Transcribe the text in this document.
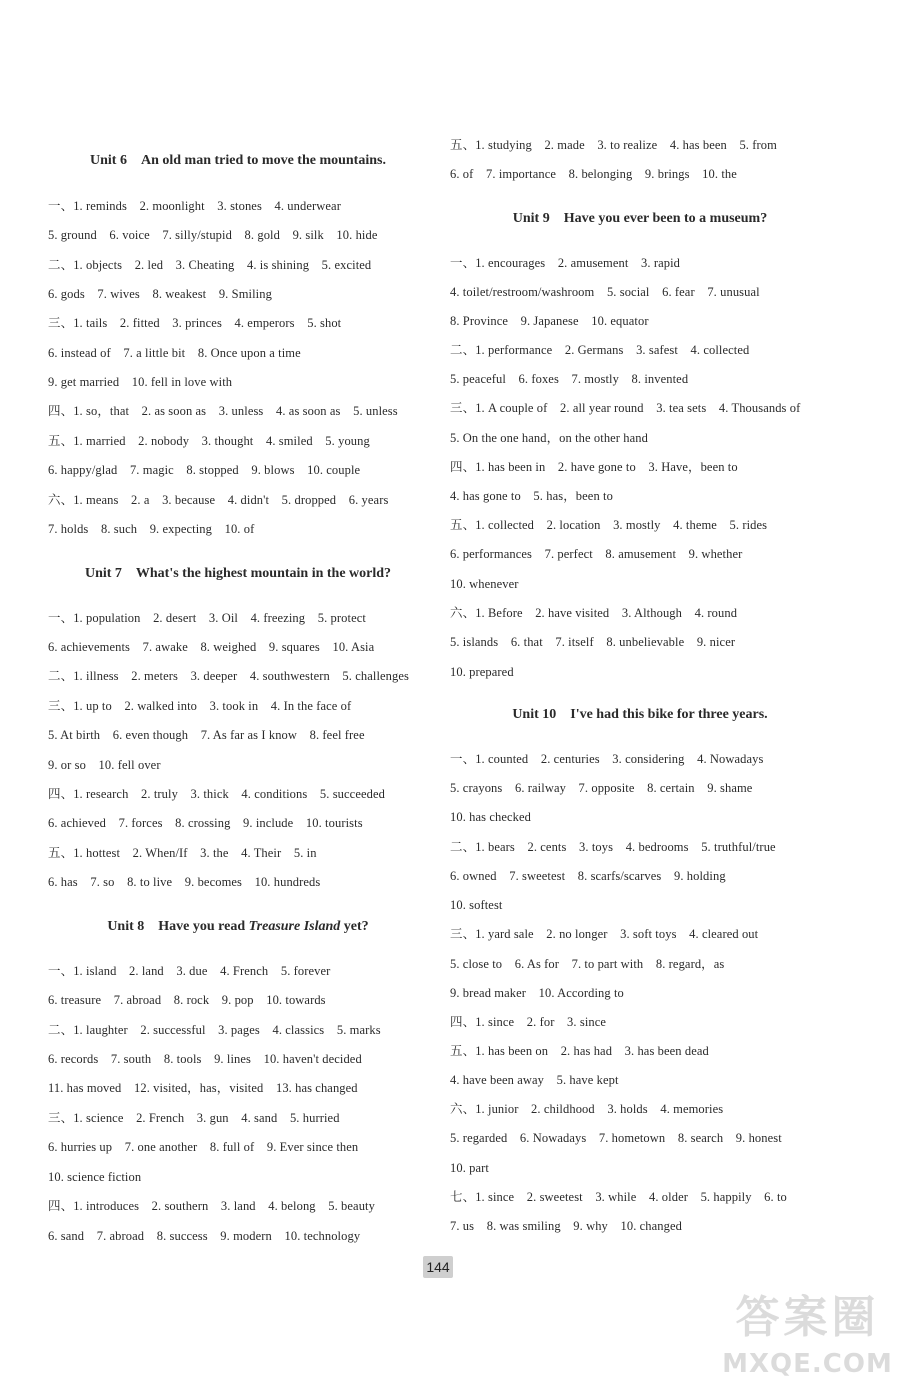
Unit 6　An old man tried to move the mountains.
一、1. reminds　2. moonlight　3. stones　4. underwear
5. ground　6. voice　7. silly/stupid　8. gold　9. silk　10. hide
二、1. objects　2. led　3. Cheating　4. is shining　5. excited
6. gods　7. wives　8. weakest　9. Smiling
三、1. tails　2. fitted　3. princes　4. emperors　5. shot
6. instead of　7. a little bit　8. Once upon a time
9. get married　10. fell in love with
四、1. so，that　2. as soon as　3. unless　4. as soon as　5. unless
五、1. married　2. nobody　3. thought　4. smiled　5. young
6. happy/glad　7. magic　8. stopped　9. blows　10. couple
六、1. means　2. a　3. because　4. didn't　5. dropped　6. years
7. holds　8. such　9. expecting　10. of
Unit 7　What's the highest mountain in the world?
一、1. population　2. desert　3. Oil　4. freezing　5. protect
6. achievements　7. awake　8. weighed　9. squares　10. Asia
二、1. illness　2. meters　3. deeper　4. southwestern　5. challenges
三、1. up to　2. walked into　3. took in　4. In the face of
5. At birth　6. even though　7. As far as I know　8. feel free
9. or so　10. fell over
四、1. research　2. truly　3. thick　4. conditions　5. succeeded
6. achieved　7. forces　8. crossing　9. include　10. tourists
五、1. hottest　2. When/If　3. the　4. Their　5. in
6. has　7. so　8. to live　9. becomes　10. hundreds
Unit 8　Have you read Treasure Island yet?
一、1. island　2. land　3. due　4. French　5. forever
6. treasure　7. abroad　8. rock　9. pop　10. towards
二、1. laughter　2. successful　3. pages　4. classics　5. marks
6. records　7. south　8. tools　9. lines　10. haven't decided
11. has moved　12. visited，has，visited　13. has changed
三、1. science　2. French　3. gun　4. sand　5. hurried
6. hurries up　7. one another　8. full of　9. Ever since then
10. science fiction
四、1. introduces　2. southern　3. land　4. belong　5. beauty
6. sand　7. abroad　8. success　9. modern　10. technology
五、1. studying　2. made　3. to realize　4. has been　5. from
6. of　7. importance　8. belonging　9. brings　10. the
Unit 9　Have you ever been to a museum?
一、1. encourages　2. amusement　3. rapid
4. toilet/restroom/washroom　5. social　6. fear　7. unusual
8. Province　9. Japanese　10. equator
二、1. performance　2. Germans　3. safest　4. collected
5. peaceful　6. foxes　7. mostly　8. invented
三、1. A couple of　2. all year round　3. tea sets　4. Thousands of
5. On the one hand，on the other hand
四、1. has been in　2. have gone to　3. Have，been to
4. has gone to　5. has，been to
五、1. collected　2. location　3. mostly　4. theme　5. rides
6. performances　7. perfect　8. amusement　9. whether
10. whenever
六、1. Before　2. have visited　3. Although　4. round
5. islands　6. that　7. itself　8. unbelievable　9. nicer
10. prepared
Unit 10　I've had this bike for three years.
一、1. counted　2. centuries　3. considering　4. Nowadays
5. crayons　6. railway　7. opposite　8. certain　9. shame
10. has checked
二、1. bears　2. cents　3. toys　4. bedrooms　5. truthful/true
6. owned　7. sweetest　8. scarfs/scarves　9. holding
10. softest
三、1. yard sale　2. no longer　3. soft toys　4. cleared out
5. close to　6. As for　7. to part with　8. regard，as
9. bread maker　10. According to
四、1. since　2. for　3. since
五、1. has been on　2. has had　3. has been dead
4. have been away　5. have kept
六、1. junior　2. childhood　3. holds　4. memories
5. regarded　6. Nowadays　7. hometown　8. search　9. honest
10. part
七、1. since　2. sweetest　3. while　4. older　5. happily　6. to
7. us　8. was smiling　9. why　10. changed
144
答案圈
MXQE.COM
